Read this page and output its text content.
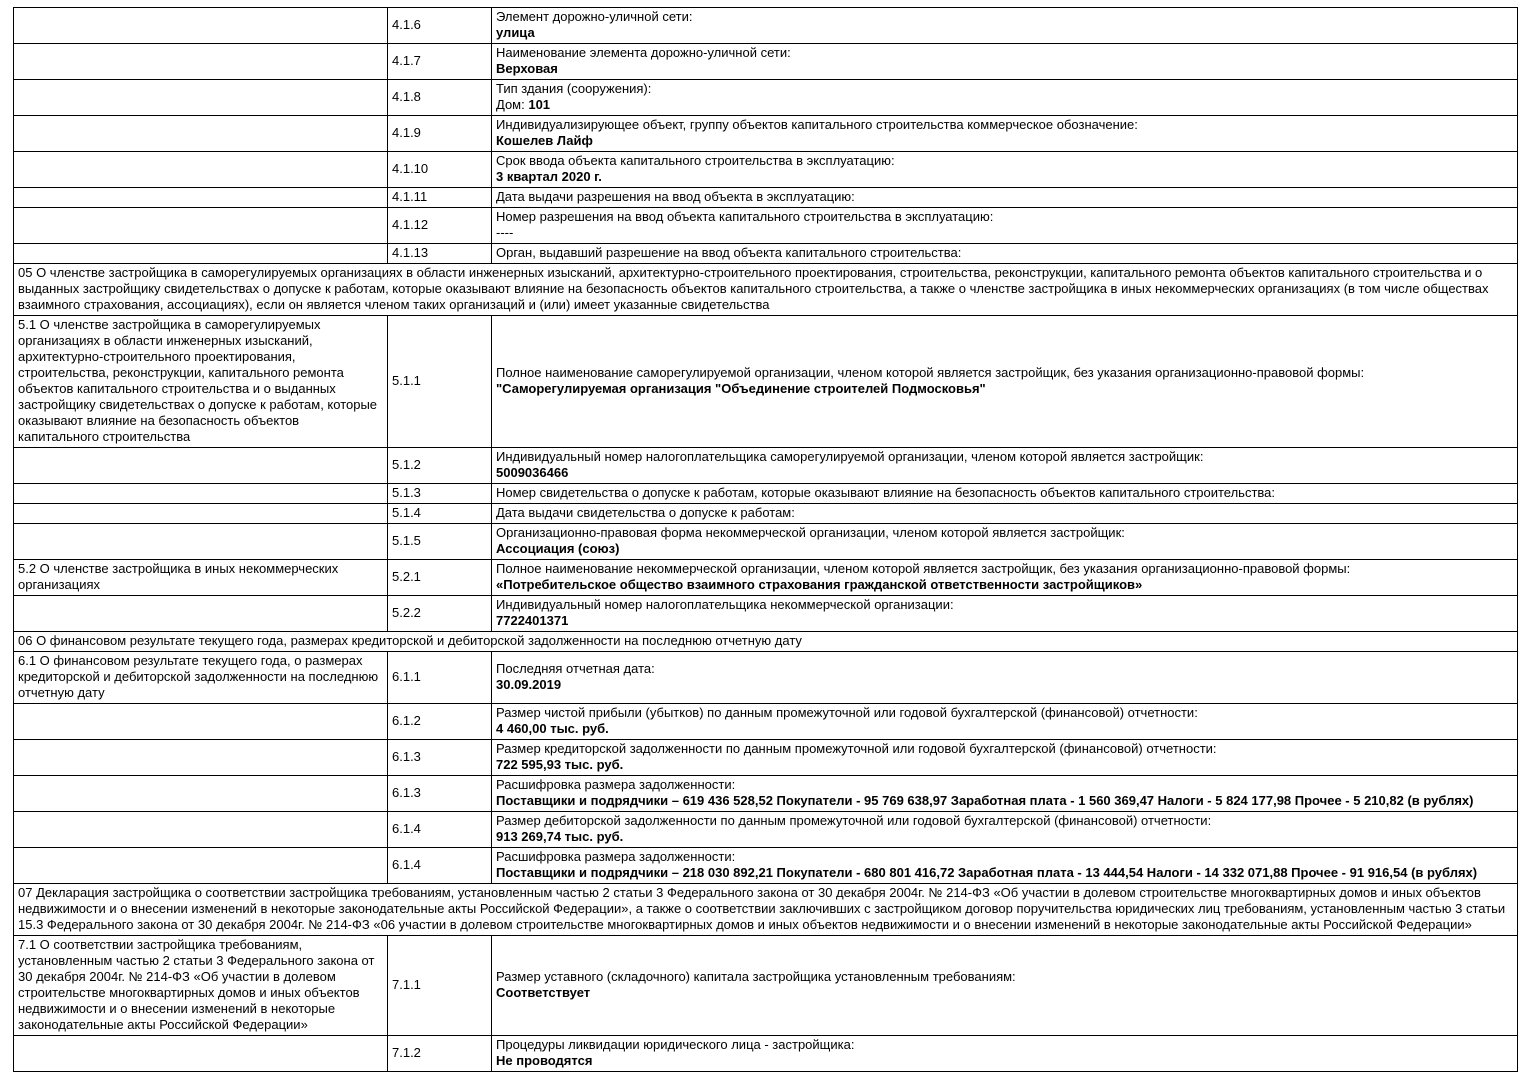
	4.1.6	Элемент дорожно-уличной сети:
улица

	4.1.7	Наименование элемента дорожно-уличной сети:
Верховая

	4.1.8	Тип здания (сооружения):
Дом: 101

	4.1.9	Индивидуализирующее объект, группу объектов капитального строительства коммерческое обозначение:
Кошелев Лайф

	4.1.10	Срок ввода объекта капитального строительства в эксплуатацию:
3 квартал 2020 г.

	4.1.11	Дата выдачи разрешения на ввод объекта в эксплуатацию:

	4.1.12	Номер разрешения на ввод объекта капитального строительства в эксплуатацию:
----

	4.1.13	Орган, выдавший разрешение на ввод объекта капитального строительства:

05 О членстве застройщика в саморегулируемых организациях в области инженерных изысканий, архитектурно-строительного проектирования, строительства, реконструкции, капитального ремонта объектов капитального строительства и о выданных застройщику свидетельствах о допуске к работам, которые оказывают влияние на безопасность объектов капитального строительства, а также о членстве застройщика в иных некоммерческих организациях (в том числе обществах взаимного страхования, ассоциациях), если он является членом таких организаций и (или) имеет указанные свидетельства		
5.1 О членстве застройщика в саморегулируемых организациях в области инженерных изысканий, архитектурно-строительного проектирования, строительства, реконструкции, капитального ремонта объектов капитального строительства и о выданных застройщику свидетельствах о допуске к работам, которые оказывают влияние на безопасность объектов капитального строительства	5.1.1	Полное наименование саморегулируемой организации, членом которой является застройщик, без указания организационно-правовой формы:
"Саморегулируемая организация "Объединение строителей Подмосковья"

	5.1.2	Индивидуальный номер налогоплательщика саморегулируемой организации, членом которой является застройщик:
5009036466

	5.1.3	Номер свидетельства о допуске к работам, которые оказывают влияние на безопасность объектов капитального строительства:

	5.1.4	Дата выдачи свидетельства о допуске к работам:

	5.1.5	Организационно-правовая форма некоммерческой организации, членом которой является застройщик:
Ассоциация (союз)

5.2 О членстве застройщика в иных некоммерческих организациях	5.2.1	Полное наименование некоммерческой организации, членом которой является застройщик, без указания организационно-правовой формы:
«Потребительское общество взаимного страхования гражданской ответственности застройщиков»

	5.2.2	Индивидуальный номер налогоплательщика некоммерческой организации:
7722401371

06 О финансовом результате текущего года, размерах кредиторской и дебиторской задолженности на последнюю отчетную дату		
6.1 О финансовом результате текущего года, о размерах кредиторской и дебиторской задолженности на последнюю отчетную дату	6.1.1	Последняя отчетная дата:
30.09.2019

	6.1.2	Размер чистой прибыли (убытков) по данным промежуточной или годовой бухгалтерской (финансовой) отчетности:
4 460,00 тыс. руб.

	6.1.3	Размер кредиторской задолженности по данным промежуточной или годовой бухгалтерской (финансовой) отчетности:
722 595,93 тыс. руб.

	6.1.3	Расшифровка размера задолженности:
Поставщики и подрядчики – 619 436 528,52 Покупатели - 95 769 638,97 Заработная плата - 1 560 369,47 Налоги - 5 824 177,98 Прочее - 5 210,82 (в рублях)

	6.1.4	Размер дебиторской задолженности по данным промежуточной или годовой бухгалтерской (финансовой) отчетности:
913 269,74 тыс. руб.

	6.1.4	Расшифровка размера задолженности:
Поставщики и подрядчики – 218 030 892,21 Покупатели - 680 801 416,72 Заработная плата - 13 444,54 Налоги - 14 332 071,88 Прочее - 91 916,54 (в рублях)

07 Декларация застройщика о соответствии застройщика требованиям, установленным частью 2 статьи 3 Федерального закона от 30 декабря 2004г. № 214-ФЗ «Об участии в долевом строительстве многоквартирных домов и иных объектов недвижимости и о внесении изменений в некоторые законодательные акты Российской Федерации», а также о соответствии заключивших с застройщиком договор поручительства юридических лиц требованиям, установленным частью 3 статьи 15.3 Федерального закона от 30 декабря 2004г. № 214-ФЗ «06 участии в долевом строительстве многоквартирных домов и иных объектов недвижимости и о внесении изменений в некоторые законодательные акты Российской Федерации»		
7.1 О соответствии застройщика требованиям, установленным частью 2 статьи 3 Федерального закона от 30 декабря 2004г. № 214-ФЗ «Об участии в долевом строительстве многоквартирных домов и иных объектов недвижимости и о внесении изменений в некоторые законодательные акты Российской Федерации»	7.1.1	Размер уставного (складочного) капитала застройщика установленным требованиям:
Соответствует

	7.1.2	Процедуры ликвидации юридического лица - застройщика:
Не проводятся
